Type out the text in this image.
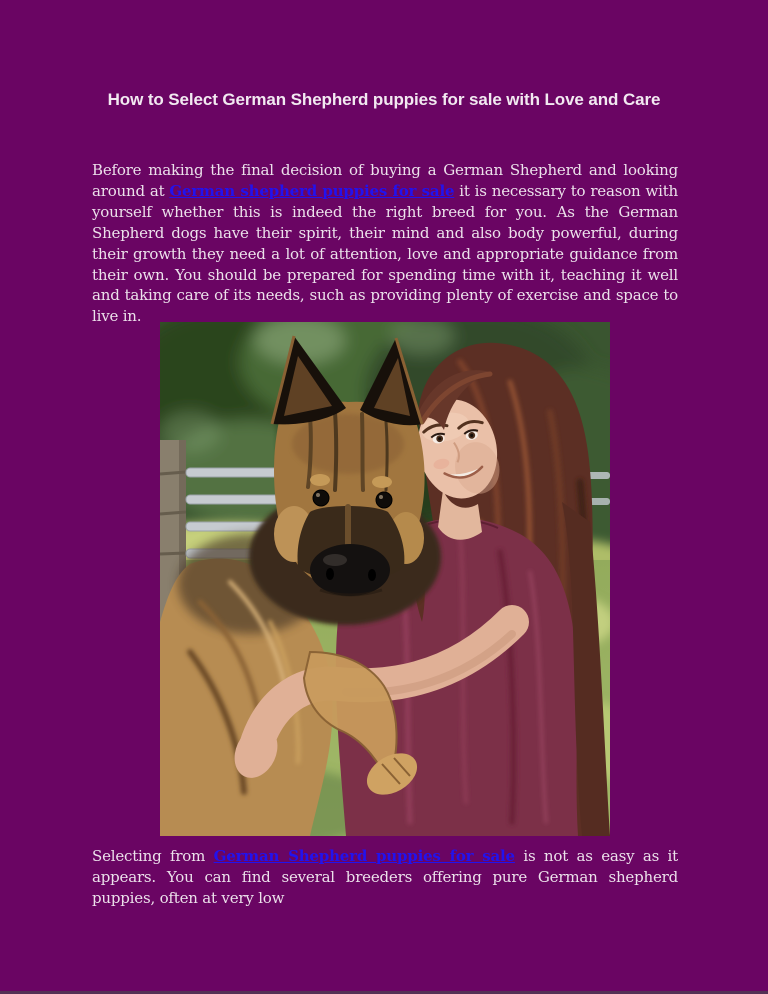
How to Select German Shepherd puppies for sale with Love and Care

Before making the final decision of buying a German Shepherd and looking around at German shepherd puppies for sale it is necessary to reason with yourself whether this is indeed the right breed for you. As the German Shepherd dogs have their spirit, their mind and also body powerful, during their growth they need a lot of attention, love and appropriate guidance from their own. You should be prepared for spending time with it, teaching it well and taking care of its needs, such as providing plenty of exercise and space to live in.

Selecting from German Shepherd puppies for sale is not as easy as it appears. You can find several breeders offering pure German shepherd puppies, often at very low
